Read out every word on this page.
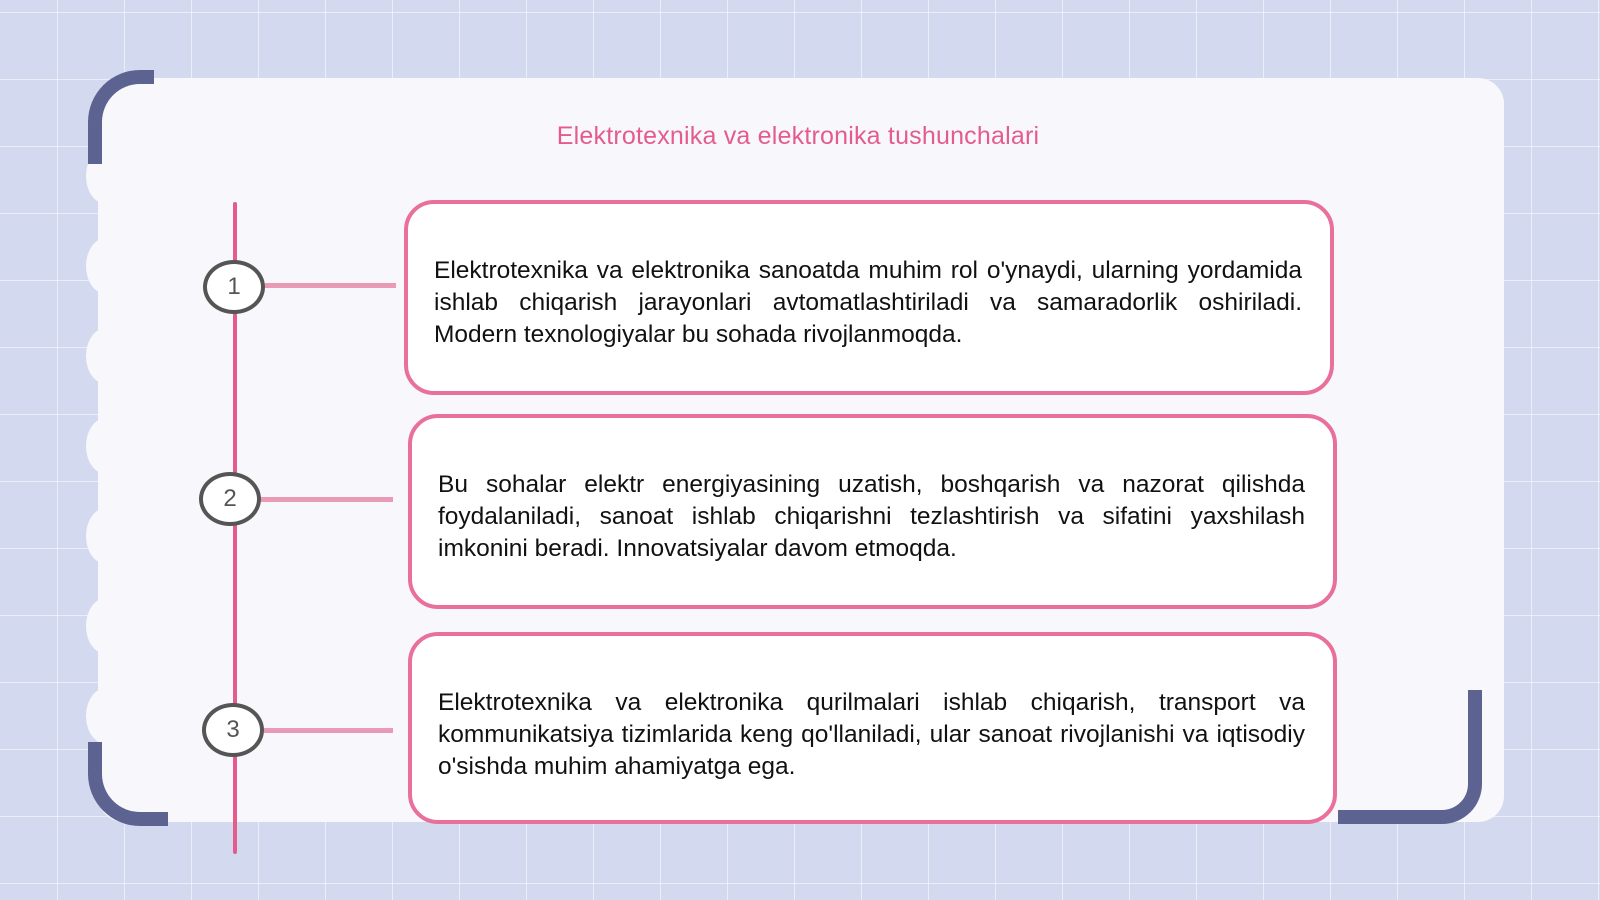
Elektrotexnika va elektronika tushunchalari
1
Elektrotexnika va elektronika sanoatda muhim rol o'ynaydi, ularning yordamida ishlab chiqarish jarayonlari avtomatlashtiriladi va samaradorlik oshiriladi. Modern texnologiyalar bu sohada rivojlanmoqda.
2
Bu sohalar elektr energiyasining uzatish, boshqarish va nazorat qilishda foydalaniladi, sanoat ishlab chiqarishni tezlashtirish va sifatini yaxshilash imkonini beradi. Innovatsiyalar davom etmoqda.
3
Elektrotexnika va elektronika qurilmalari ishlab chiqarish, transport va kommunikatsiya tizimlarida keng qo'llaniladi, ular sanoat rivojlanishi va iqtisodiy o'sishda muhim ahamiyatga ega.
